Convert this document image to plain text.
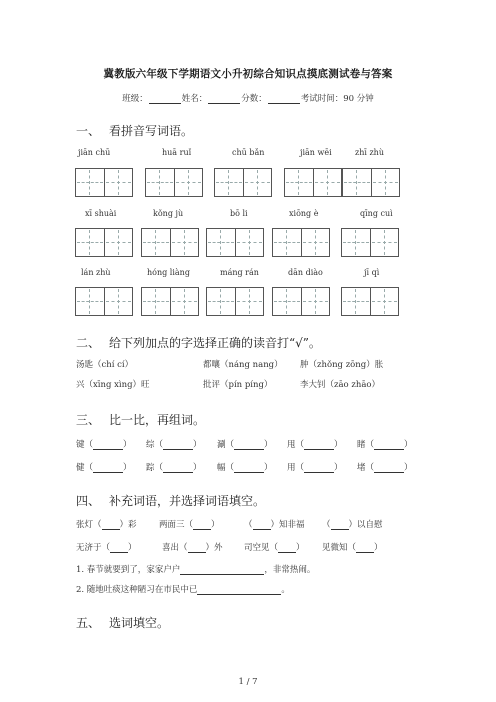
冀教版六年级下学期语文小升初综合知识点摸底测试卷与答案
班级：	姓名：	分数：	考试时间：90 分钟
一、 看拼音写词语。
jiān chū	huā ruǐ	chū bǎn	jiān wēi	zhī zhù
xī shuài	kǒng jù	bō li	xiōng è	qīng cuì
lán zhù	hóng liàng	máng rán	dān diào	jī qì
二、 给下列加点的字选择正确的读音打“√”。
汤匙（chí cí）	都嚷（náng nang） 肿（zhǒng zōng）胀
兴（xīng xìng）旺	批评（pín píng）	李大钊（zāo zhāo）
三、 比一比，再组词。
键（	） 综（	） 涮（	） 甩（	） 睹（	）
健（	） 踪（	） 幅（	） 用（	） 堵（	）
四、 补充词语，并选择词语填空。
张灯（ ）彩	两面三（ ）	（ ）知非福 （ ）以自慰
无济于（ ）	喜出（ ）外	司空见（ ） 见微知（ ）
1. 春节就要到了，家家户户	，非常热闹。
2. 随地吐痰这种陋习在市民中已	。
五、 选词填空。
1 / 7
